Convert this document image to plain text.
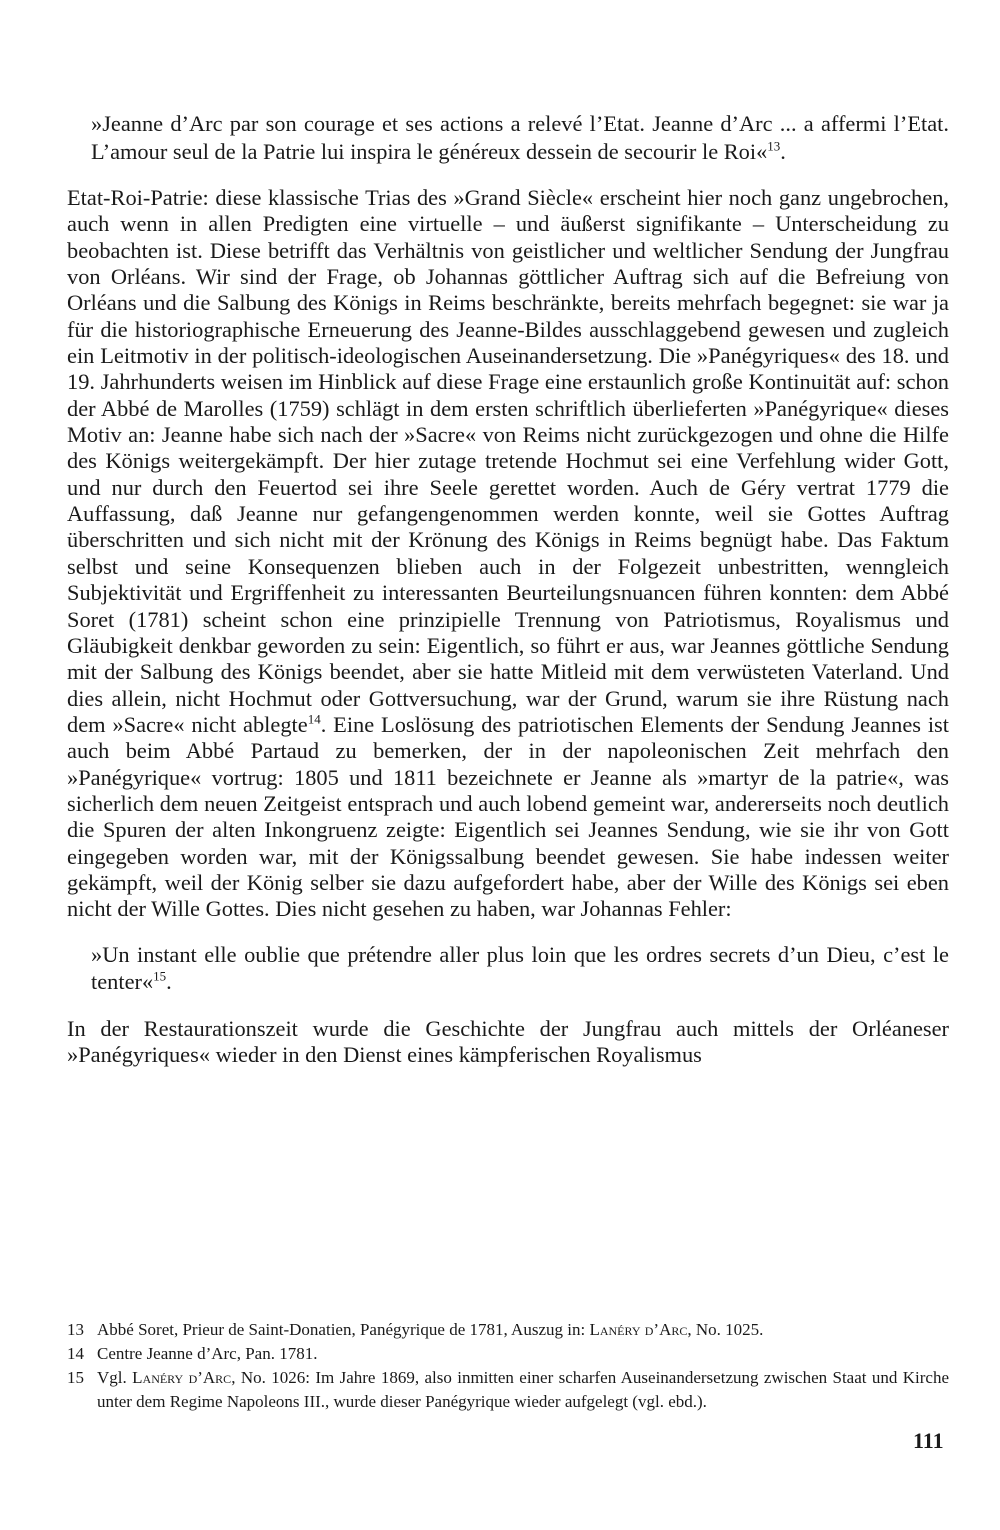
»Jeanne d’Arc par son courage et ses actions a relevé l’Etat. Jeanne d’Arc ... a affermi l’Etat. L’amour seul de la Patrie lui inspira le généreux dessein de secourir le Roi«$^{13}$.

Etat-Roi-Patrie: diese klassische Trias des »Grand Siècle« erscheint hier noch ganz ungebrochen, auch wenn in allen Predigten eine virtuelle – und äußerst signifikante – Unterscheidung zu beobachten ist. Diese betrifft das Verhältnis von geistlicher und weltlicher Sendung der Jungfrau von Orléans. Wir sind der Frage, ob Johannas göttlicher Auftrag sich auf die Befreiung von Orléans und die Salbung des Königs in Reims beschränkte, bereits mehrfach begegnet: sie war ja für die historiographische Erneuerung des Jeanne-Bildes ausschlaggebend gewesen und zugleich ein Leitmotiv in der politisch-ideologischen Auseinandersetzung. Die »Panégyriques« des 18. und 19. Jahrhunderts weisen im Hinblick auf diese Frage eine erstaunlich große Kontinuität auf: schon der Abbé de Marolles (1759) schlägt in dem ersten schriftlich überlieferten »Panégyrique« dieses Motiv an: Jeanne habe sich nach der »Sacre« von Reims nicht zurückgezogen und ohne die Hilfe des Königs weitergekämpft. Der hier zutage tretende Hochmut sei eine Verfehlung wider Gott, und nur durch den Feuertod sei ihre Seele gerettet worden. Auch de Géry vertrat 1779 die Auffassung, daß Jeanne nur gefangengenommen werden konnte, weil sie Gottes Auftrag überschritten und sich nicht mit der Krönung des Königs in Reims begnügt habe. Das Faktum selbst und seine Konsequenzen blieben auch in der Folgezeit unbestritten, wenngleich Subjektivität und Ergriffenheit zu interessanten Beurteilungsnuancen führen konnten: dem Abbé Soret (1781) scheint schon eine prinzipielle Trennung von Patriotismus, Royalismus und Gläubigkeit denkbar geworden zu sein: Eigentlich, so führt er aus, war Jeannes göttliche Sendung mit der Salbung des Königs beendet, aber sie hatte Mitleid mit dem verwüsteten Vaterland. Und dies allein, nicht Hochmut oder Gottversuchung, war der Grund, warum sie ihre Rüstung nach dem »Sacre« nicht ablegte$^{14}$. Eine Loslösung des patriotischen Elements der Sendung Jeannes ist auch beim Abbé Partaud zu bemerken, der in der napoleonischen Zeit mehrfach den »Panégyrique« vortrug: 1805 und 1811 bezeichnete er Jeanne als »martyr de la patrie«, was sicherlich dem neuen Zeitgeist entsprach und auch lobend gemeint war, andererseits noch deutlich die Spuren der alten Inkongruenz zeigte: Eigentlich sei Jeannes Sendung, wie sie ihr von Gott eingegeben worden war, mit der Königssalbung beendet gewesen. Sie habe indessen weiter gekämpft, weil der König selber sie dazu aufgefordert habe, aber der Wille des Königs sei eben nicht der Wille Gottes. Dies nicht gesehen zu haben, war Johannas Fehler:

»Un instant elle oublie que prétendre aller plus loin que les ordres secrets d’un Dieu, c’est le tenter«$^{15}$.

In der Restaurationszeit wurde die Geschichte der Jungfrau auch mittels der Orléaneser »Panégyriques« wieder in den Dienst eines kämpferischen Royalismus

13 Abbé Soret, Prieur de Saint-Donatien, Panégyrique de 1781, Auszug in: Lanéry d’Arc, No. 1025.

14 Centre Jeanne d’Arc, Pan. 1781.

15 Vgl. Lanéry d’Arc, No. 1026: Im Jahre 1869, also inmitten einer scharfen Auseinandersetzung zwischen Staat und Kirche unter dem Regime Napoleons III., wurde dieser Panégyrique wieder aufgelegt (vgl. ebd.).

111
